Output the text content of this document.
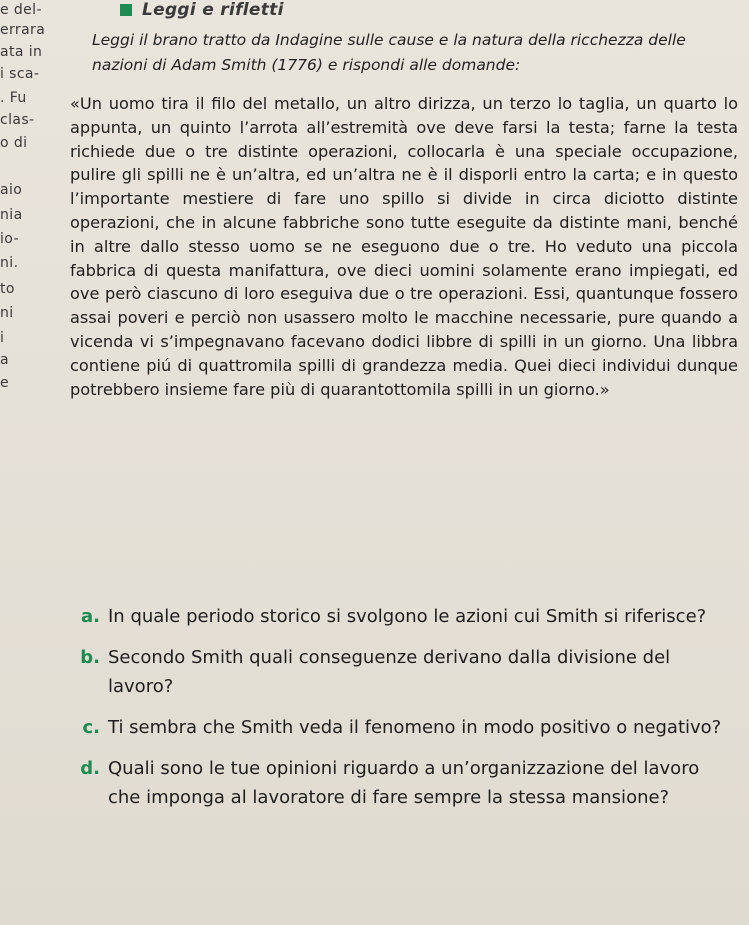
e del-
errara
ata in
i sca-
. Fu
clas-
o di
aio
nia
io-
ni.
to
ni
i
a
e
Leggi e rifletti
Leggi il brano tratto da Indagine sulle cause e la natura della ricchezza delle nazioni di Adam Smith (1776) e rispondi alle domande:

«Un uomo tira il filo del metallo, un altro dirizza, un terzo lo taglia, un quarto lo appunta, un quinto l’arrota all’estremità ove deve farsi la testa; farne la testa richiede due o tre distinte operazioni, collocarla è una speciale occupazione, pulire gli spilli ne è un’altra, ed un’altra ne è il disporli entro la carta; e in questo l’importante mestiere di fare uno spillo si divide in circa diciotto distinte operazioni, che in alcune fabbriche sono tutte eseguite da distinte mani, benché in altre dallo stesso uomo se ne eseguono due o tre. Ho veduto una piccola fabbrica di questa manifattura, ove dieci uomini solamente erano impiegati, ed ove però ciascuno di loro eseguiva due o tre operazioni. Essi, quantunque fossero assai poveri e perciò non usassero molto le macchine necessarie, pure quando a vicenda vi s’impegnavano facevano dodici libbre di spilli in un giorno. Una libbra contiene piú di quattromila spilli di grandezza media. Quei dieci individui dunque potrebbero insieme fare più di quarantottomila spilli in un giorno.»

a. In quale periodo storico si svolgono le azioni cui Smith si riferisce?
b. Secondo Smith quali conseguenze derivano dalla divisione del lavoro?
c. Ti sembra che Smith veda il fenomeno in modo positivo o negativo?
d. Quali sono le tue opinioni riguardo a un’organizzazione del lavoro che imponga al lavoratore di fare sempre la stessa mansione?
